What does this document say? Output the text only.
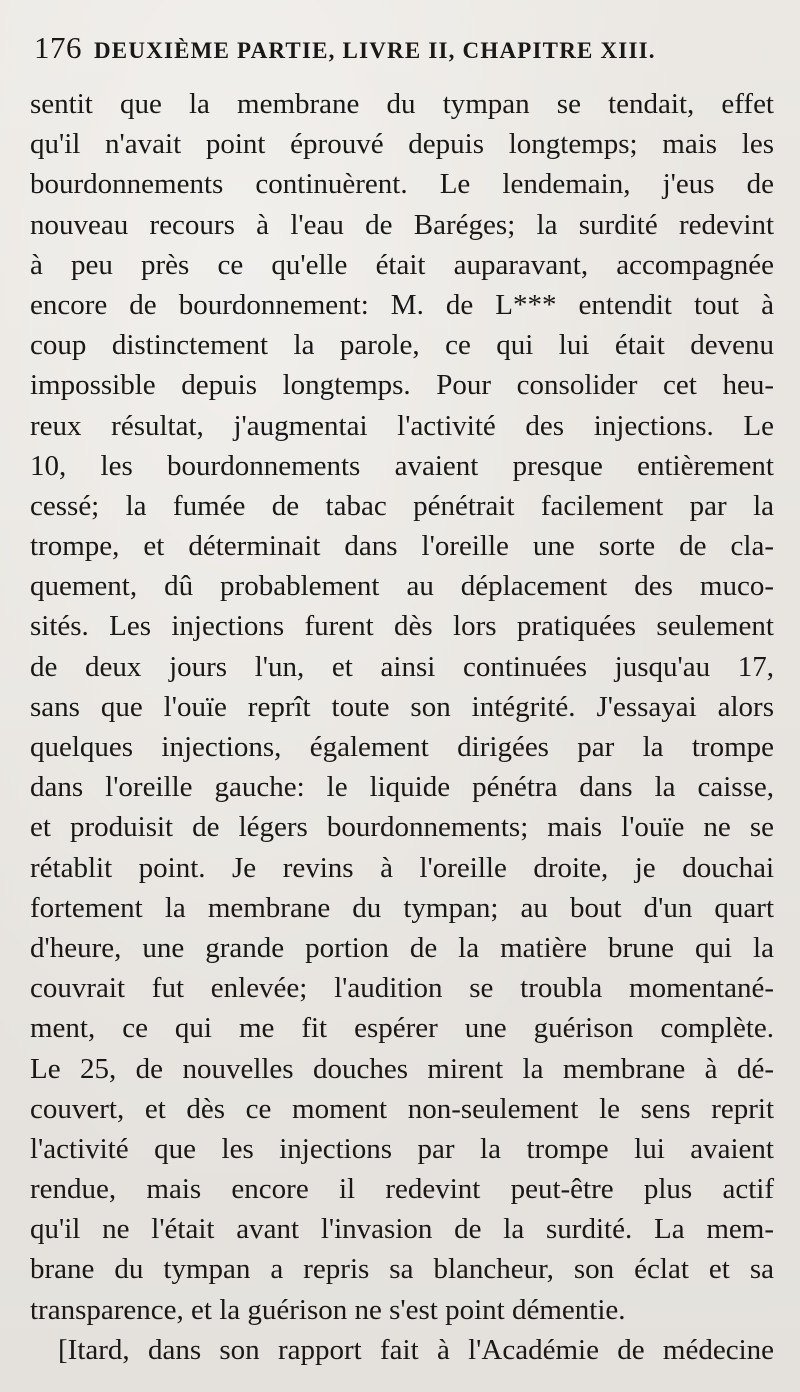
176 DEUXIÈME PARTIE, LIVRE II, CHAPITRE XIII.
sentit que la membrane du tympan se tendait, effet
qu'il n'avait point éprouvé depuis longtemps; mais les
bourdonnements continuèrent. Le lendemain, j'eus de
nouveau recours à l'eau de Baréges; la surdité redevint
à peu près ce qu'elle était auparavant, accompagnée
encore de bourdonnement: M. de L*** entendit tout à
coup distinctement la parole, ce qui lui était devenu
impossible depuis longtemps. Pour consolider cet heu-
reux résultat, j'augmentai l'activité des injections. Le
10, les bourdonnements avaient presque entièrement
cessé; la fumée de tabac pénétrait facilement par la
trompe, et déterminait dans l'oreille une sorte de cla-
quement, dû probablement au déplacement des muco-
sités. Les injections furent dès lors pratiquées seulement
de deux jours l'un, et ainsi continuées jusqu'au 17,
sans que l'ouïe reprît toute son intégrité. J'essayai alors
quelques injections, également dirigées par la trompe
dans l'oreille gauche: le liquide pénétra dans la caisse,
et produisit de légers bourdonnements; mais l'ouïe ne se
rétablit point. Je revins à l'oreille droite, je douchai
fortement la membrane du tympan; au bout d'un quart
d'heure, une grande portion de la matière brune qui la
couvrait fut enlevée; l'audition se troubla momentané-
ment, ce qui me fit espérer une guérison complète.
Le 25, de nouvelles douches mirent la membrane à dé-
couvert, et dès ce moment non-seulement le sens reprit
l'activité que les injections par la trompe lui avaient
rendue, mais encore il redevint peut-être plus actif
qu'il ne l'était avant l'invasion de la surdité. La mem-
brane du tympan a repris sa blancheur, son éclat et sa
transparence, et la guérison ne s'est point démentie.
[Itard, dans son rapport fait à l'Académie de médecine
